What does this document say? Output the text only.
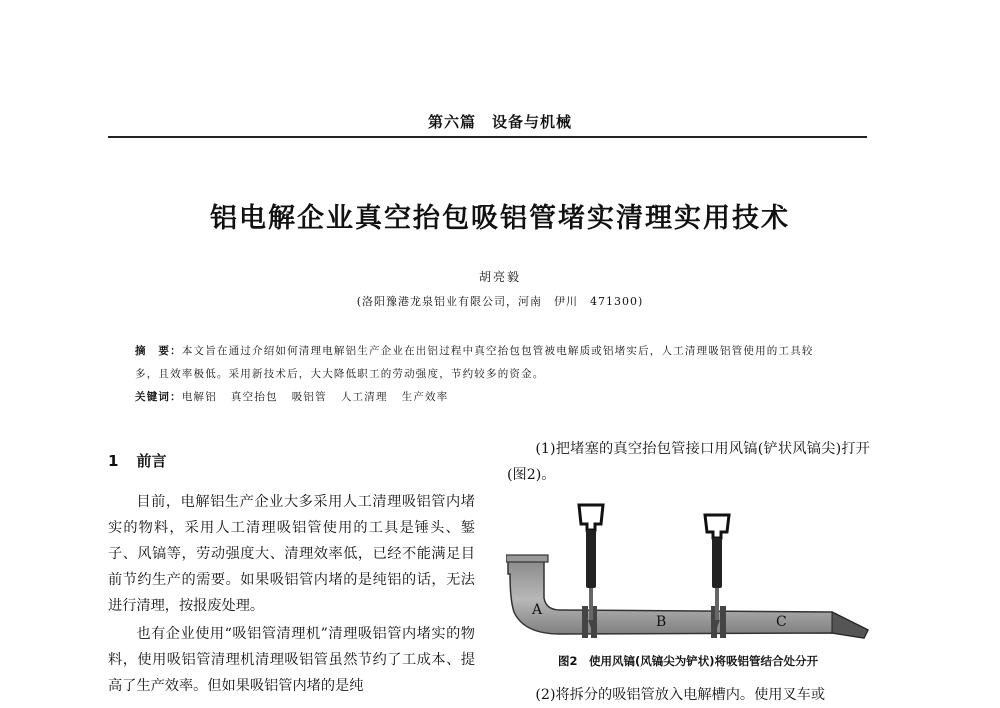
第六篇　设备与机械
铝电解企业真空抬包吸铝管堵实清理实用技术
胡亮毅
(洛阳豫港龙泉铝业有限公司，河南　伊川　471300)
摘　要：本文旨在通过介绍如何清理电解铝生产企业在出铝过程中真空抬包包管被电解质或铝堵实后，人工清理吸铝管使用的工具较多，且效率极低。采用新技术后，大大降低职工的劳动强度，节约较多的资金。
关键词：电解铝 真空抬包 吸铝管 人工清理 生产效率
1 前言

目前，电解铝生产企业大多采用人工清理吸铝管内堵实的物料，采用人工清理吸铝管使用的工具是锤头、錾子、风镐等，劳动强度大、清理效率低，已经不能满足目前节约生产的需要。如果吸铝管内堵的是纯铝的话，无法进行清理，按报废处理。

也有企业使用“吸铝管清理机”清理吸铝管内堵实的物料，使用吸铝管清理机清理吸铝管虽然节约了工成本、提高了生产效率。但如果吸铝管内堵的是纯

(1)把堵塞的真空抬包管接口用风镐(铲状风镐尖)打开(图2)。

A
B	C
图2　使用风镐(风镐尖为铲状)将吸铝管结合处分开
(2)将拆分的吸铝管放入电解槽内。使用叉车或
